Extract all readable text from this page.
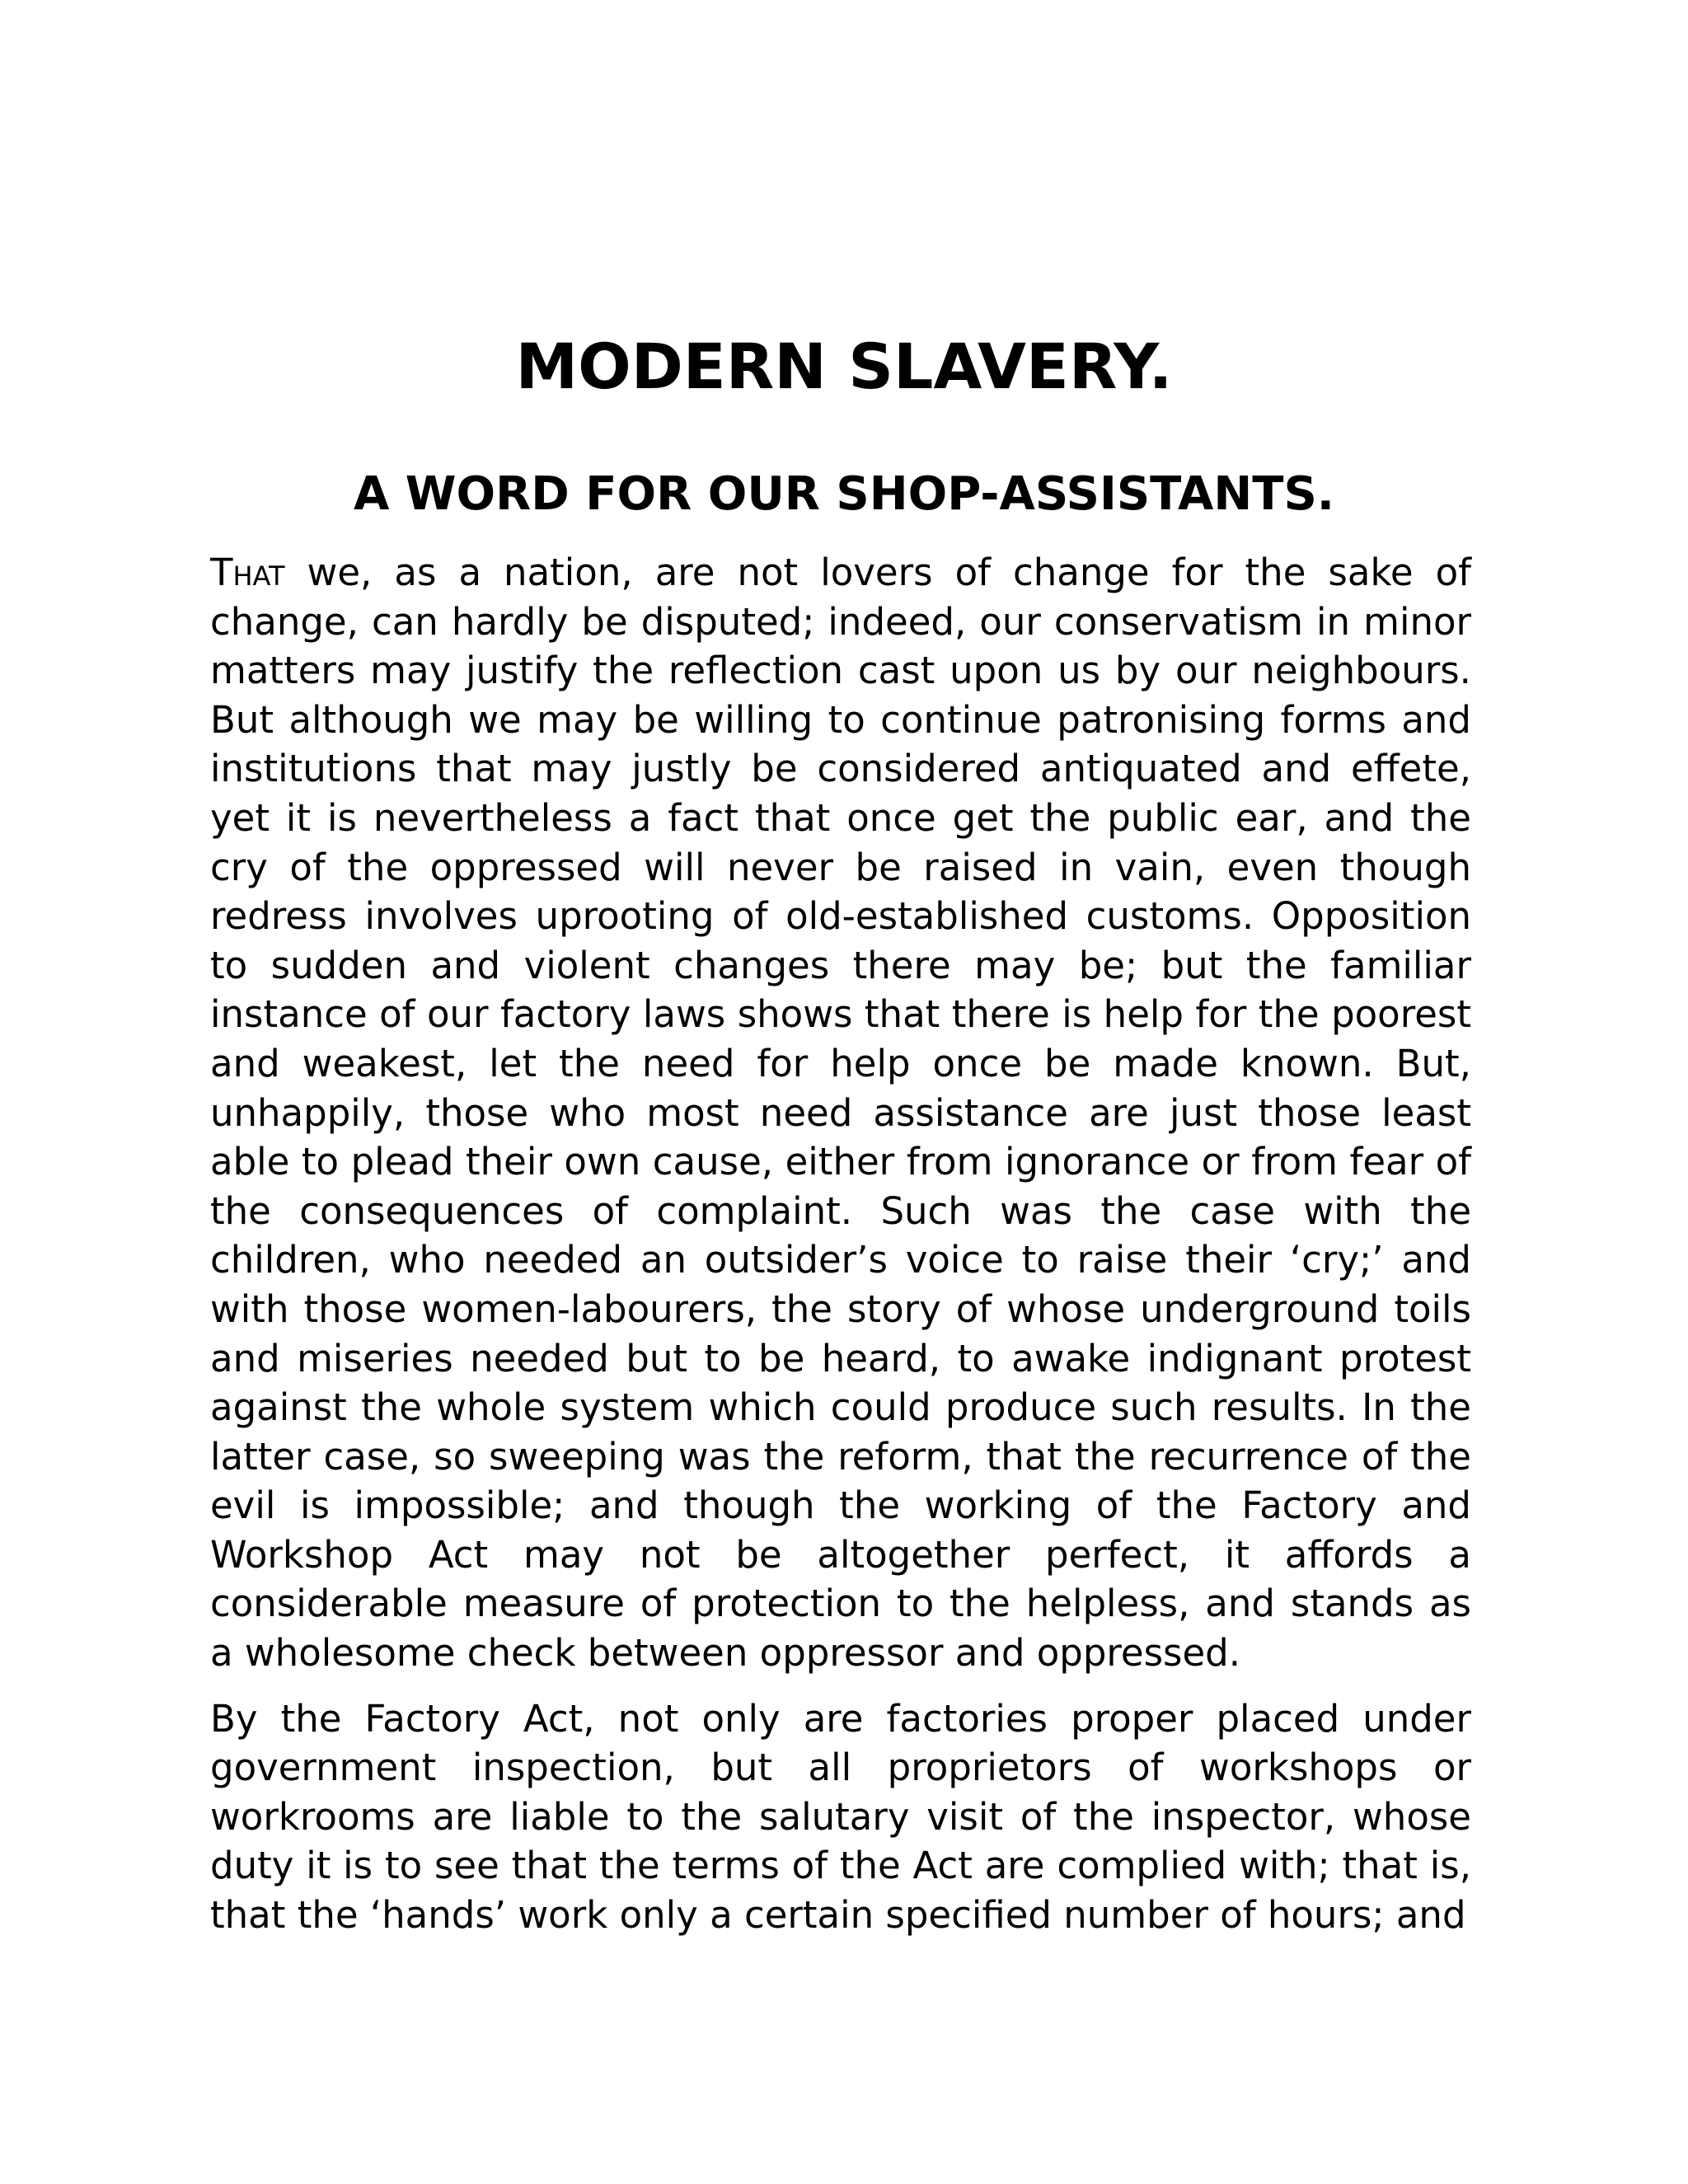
MODERN SLAVERY.
A WORD FOR OUR SHOP-ASSISTANTS.

That we, as a nation, are not lovers of change for the sake of change, can hardly be disputed; indeed, our conservatism in minor matters may justify the reflection cast upon us by our neighbours. But although we may be willing to continue patronising forms and institutions that may justly be considered antiquated and effete, yet it is nevertheless a fact that once get the public ear, and the cry of the oppressed will never be raised in vain, even though redress involves uprooting of old-established customs. Opposition to sudden and violent changes there may be; but the familiar instance of our factory laws shows that there is help for the poorest and weakest, let the need for help once be made known. But, unhappily, those who most need assistance are just those least able to plead their own cause, either from ignorance or from fear of the consequences of complaint. Such was the case with the children, who needed an outsider’s voice to raise their ‘cry;’ and with those women-labourers, the story of whose underground toils and miseries needed but to be heard, to awake indignant protest against the whole system which could produce such results. In the latter case, so sweeping was the reform, that the recurrence of the evil is impossible; and though the working of the Factory and Workshop Act may not be altogether perfect, it affords a considerable measure of protection to the helpless, and stands as a wholesome check between oppressor and oppressed.

By the Factory Act, not only are factories proper placed under government inspection, but all proprietors of workshops or workrooms are liable to the salutary visit of the inspector, whose duty it is to see that the terms of the Act are complied with; that is, that the ‘hands’ work only a certain specified number of hours; and
